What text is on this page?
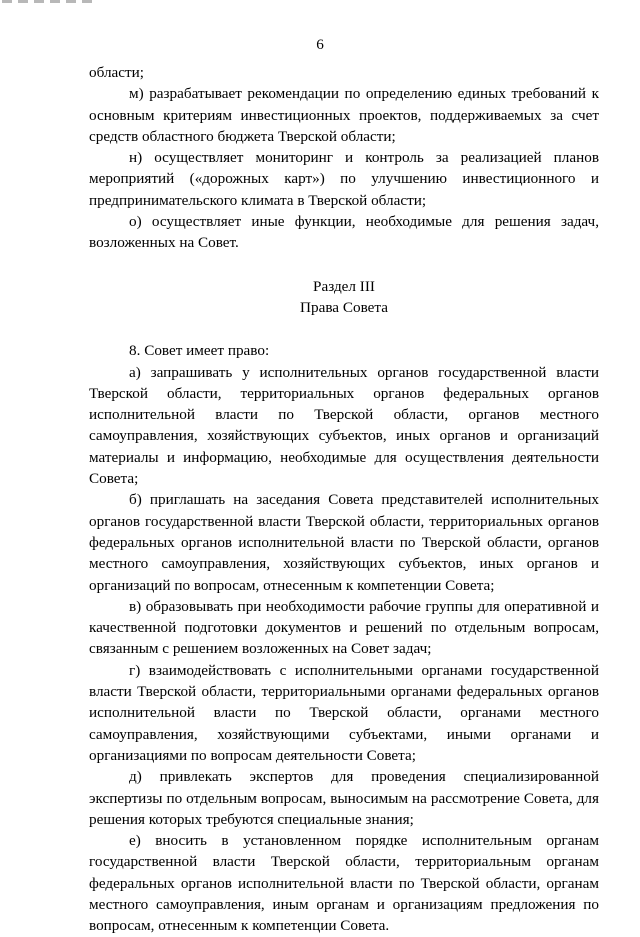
6

области;

м) разрабатывает рекомендации по определению единых требований к основным критериям инвестиционных проектов, поддерживаемых за счет средств областного бюджета Тверской области;

н) осуществляет мониторинг и контроль за реализацией планов мероприятий («дорожных карт») по улучшению инвестиционного и предпринимательского климата в Тверской области;

о) осуществляет иные функции, необходимые для решения задач, возложенных на Совет.

Раздел III

Права Совета

8. Совет имеет право:

а) запрашивать у исполнительных органов государственной власти Тверской области, территориальных органов федеральных органов исполнительной власти по Тверской области, органов местного самоуправления, хозяйствующих субъектов, иных органов и организаций материалы и информацию, необходимые для осуществления деятельности Совета;

б) приглашать на заседания Совета представителей исполнительных органов государственной власти Тверской области, территориальных органов федеральных органов исполнительной власти по Тверской области, органов местного самоуправления, хозяйствующих субъектов, иных органов и организаций по вопросам, отнесенным к компетенции Совета;

в) образовывать при необходимости рабочие группы для оперативной и качественной подготовки документов и решений по отдельным вопросам, связанным с решением возложенных на Совет задач;

г) взаимодействовать с исполнительными органами государственной власти Тверской области, территориальными органами федеральных органов исполнительной власти по Тверской области, органами местного самоуправления, хозяйствующими субъектами, иными органами и организациями по вопросам деятельности Совета;

д) привлекать экспертов для проведения специализированной экспертизы по отдельным вопросам, выносимым на рассмотрение Совета, для решения которых требуются специальные знания;

е) вносить в установленном порядке исполнительным органам государственной власти Тверской области, территориальным органам федеральных органов исполнительной власти по Тверской области, органам местного самоуправления, иным органам и организациям предложения по вопросам, отнесенным к компетенции Совета.
